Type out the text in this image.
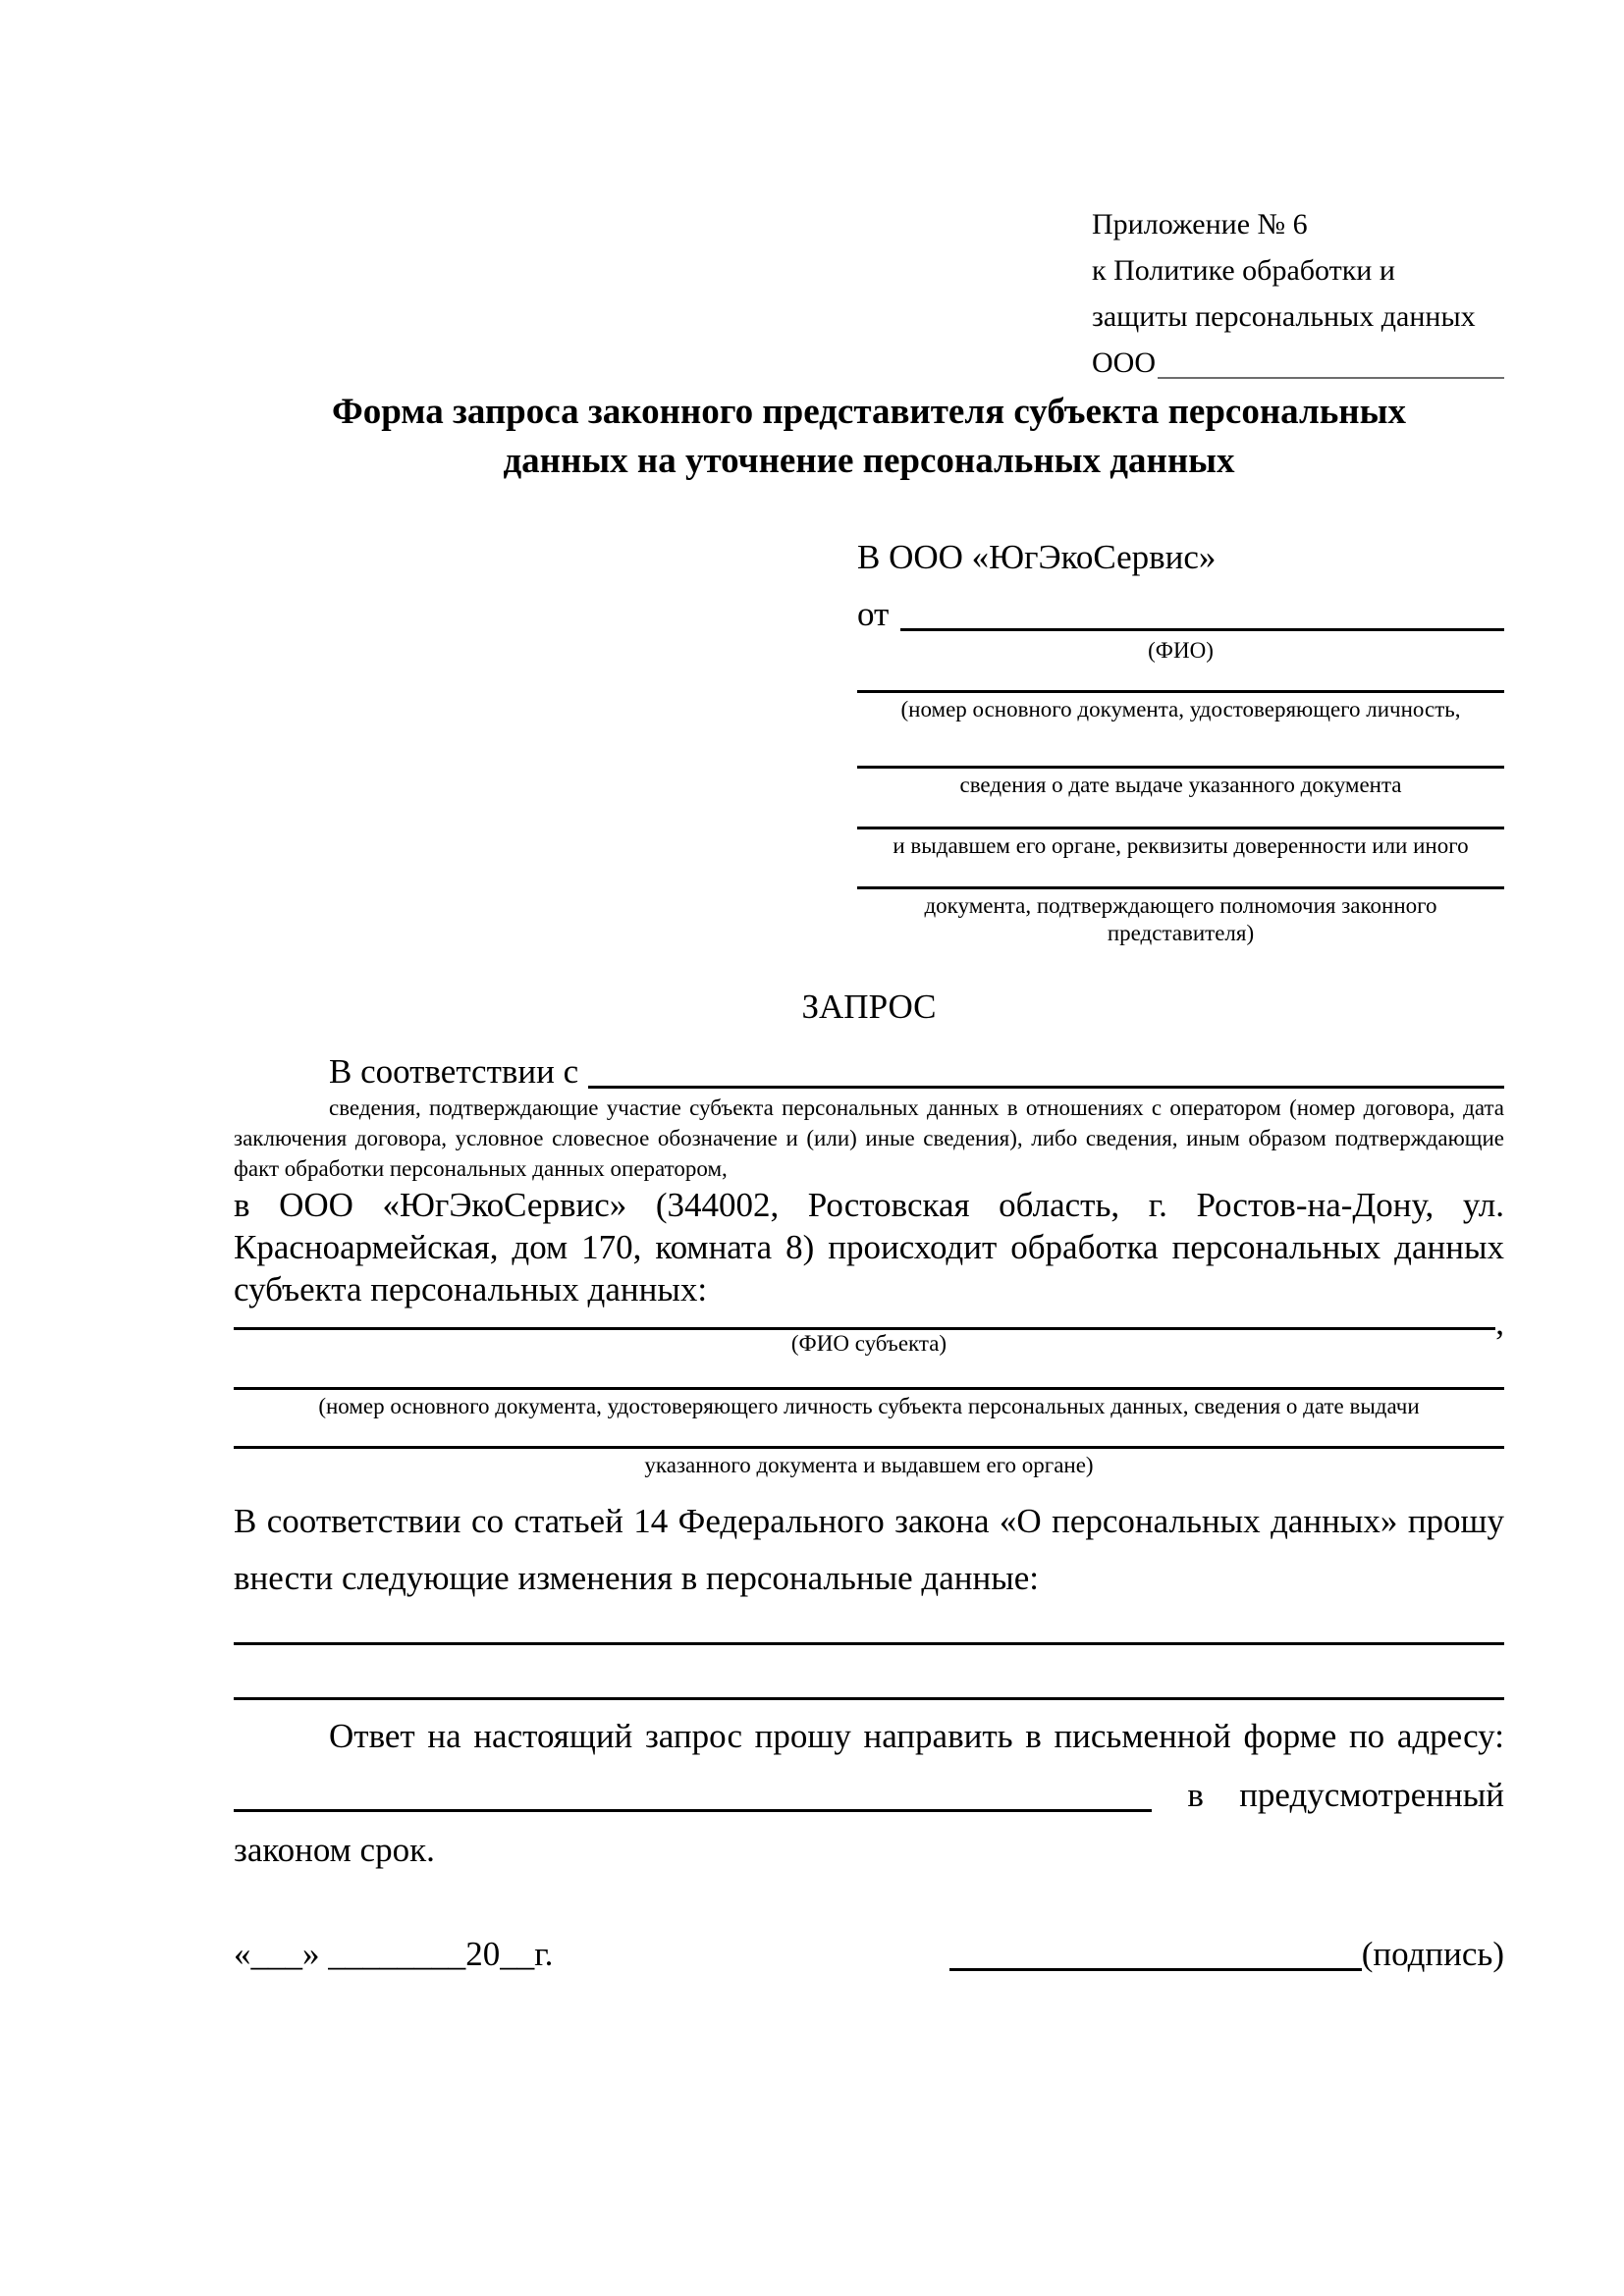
Приложение № 6
к Политике обработки и
защиты персональных данных
ООО
Форма запроса законного представителя субъекта персональных
данных на уточнение персональных данных
В ООО «ЮгЭкоСервис»
от
(ФИО)
(номер основного документа, удостоверяющего личность,
сведения о дате выдаче указанного документа
и выдавшем его органе, реквизиты доверенности или иного
документа, подтверждающего полномочия законного представителя)
ЗАПРОС
В соответствии с
сведения, подтверждающие участие субъекта персональных данных в отношениях с оператором (номер договора, дата заключения договора, условное словесное обозначение и (или) иные сведения), либо сведения, иным образом подтверждающие факт обработки персональных данных оператором,
в ООО «ЮгЭкоСервис» (344002, Ростовская область, г. Ростов-на-Дону, ул. Красноармейская, дом 170, комната 8) происходит обработка персональных данных субъекта персональных данных:
,
(ФИО субъекта)
(номер основного документа, удостоверяющего личность субъекта персональных данных, сведения о дате выдачи
указанного документа и выдавшем его органе)
В соответствии со статьей 14 Федерального закона «О персональных данных» прошу внести следующие изменения в персональные данные:
Ответ на настоящий запрос прошу направить в письменной форме по адресу:
в предусмотренный
законом срок.
«___» ________20__г.	(подпись)
